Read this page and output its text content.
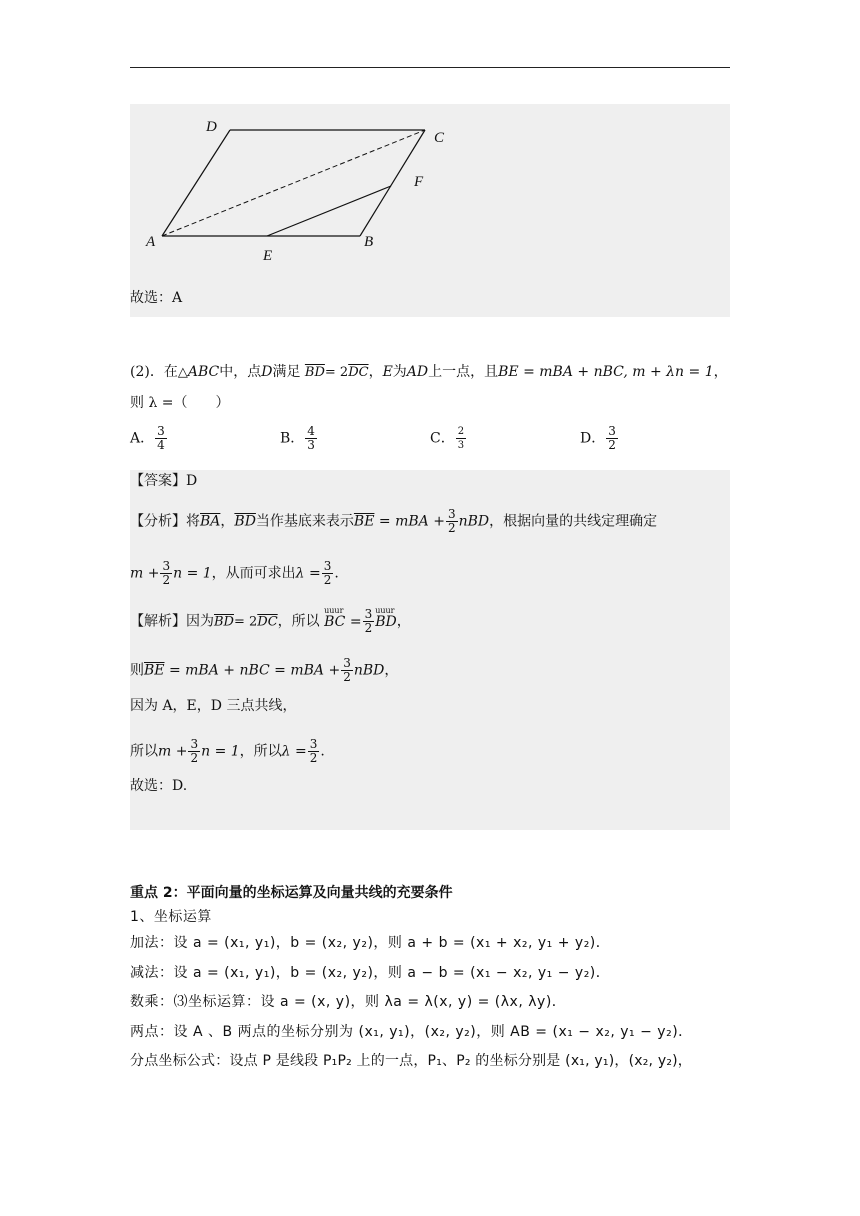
D
C
F
A
E
B
故选：A
(2)．在△ABC中，点D满足 $\overline{BD}= 2\overline{DC}$，E为AD上一点，且BE = mBA + nBC, m + λn = 1，
则 λ =（　　）
A． $\frac{3}{4}$	B． $\frac{4}{3}$	C． $\frac{2}{3}$	D． $\frac{3}{2}$
【答案】D
【分析】将$\overline{BA}$，$\overline{BD}$当作基底来表示$\overline{BE}$ = mBA + $\frac{3}{2}$ nBD，根据向量的共线定理确定
$m + \frac{3}{2}$ n = 1，从而可求出$\lambda = \frac{3}{2}$ .
【解析】因为$\overline{BD}= 2\overline{DC}$，所以
uuur
BC = $\frac{3}{2}$ uuur
BD，
则$\overline{BE}$ = mBA + nBC = mBA + $\frac{3}{2}$ nBD，
因为 A，E，D 三点共线，
所以$m + \frac{3}{2}$ n = 1，所以$\lambda = \frac{3}{2}$ .
故选：D.
重点 2：平面向量的坐标运算及向量共线的充要条件
1、坐标运算
加法：设 a = (x₁, y₁)，b = (x₂, y₂)，则 a + b = (x₁ + x₂, y₁ + y₂)．
减法：设 a = (x₁, y₁)，b = (x₂, y₂)，则 a − b = (x₁ − x₂, y₁ − y₂)．
数乘：⑶坐标运算：设 a = (x, y)，则 λa = λ(x, y) = (λx, λy)．
两点：设 A 、B 两点的坐标分别为 (x₁, y₁)，(x₂, y₂)，则 AB = (x₁ − x₂, y₁ − y₂)．
分点坐标公式：设点 P 是线段 P₁P₂ 上的一点，P₁、P₂ 的坐标分别是 (x₁, y₁)，(x₂, y₂)，
